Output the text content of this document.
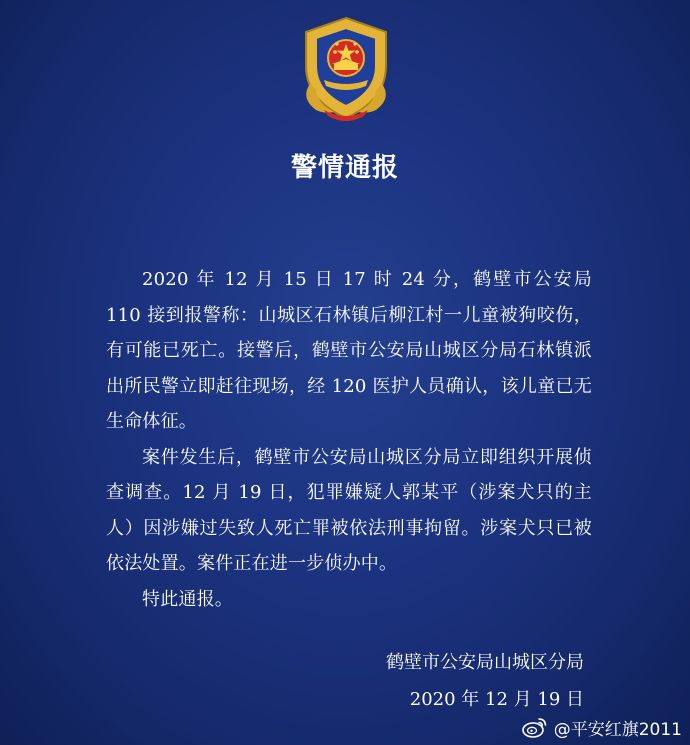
警情通报

2020 年 12 月 15 日 17 时 24 分，鹤壁市公安局 110 接到报警称：山城区石林镇后柳江村一儿童被狗咬伤，有可能已死亡。接警后，鹤壁市公安局山城区分局石林镇派出所民警立即赶往现场，经 120 医护人员确认，该儿童已无生命体征。

案件发生后，鹤壁市公安局山城区分局立即组织开展侦查调查。12 月 19 日，犯罪嫌疑人郭某平（涉案犬只的主人）因涉嫌过失致人死亡罪被依法刑事拘留。涉案犬只已被依法处置。案件正在进一步侦办中。

特此通报。

鹤壁市公安局山城区分局
2020 年 12 月 19 日
@平安红旗2011
